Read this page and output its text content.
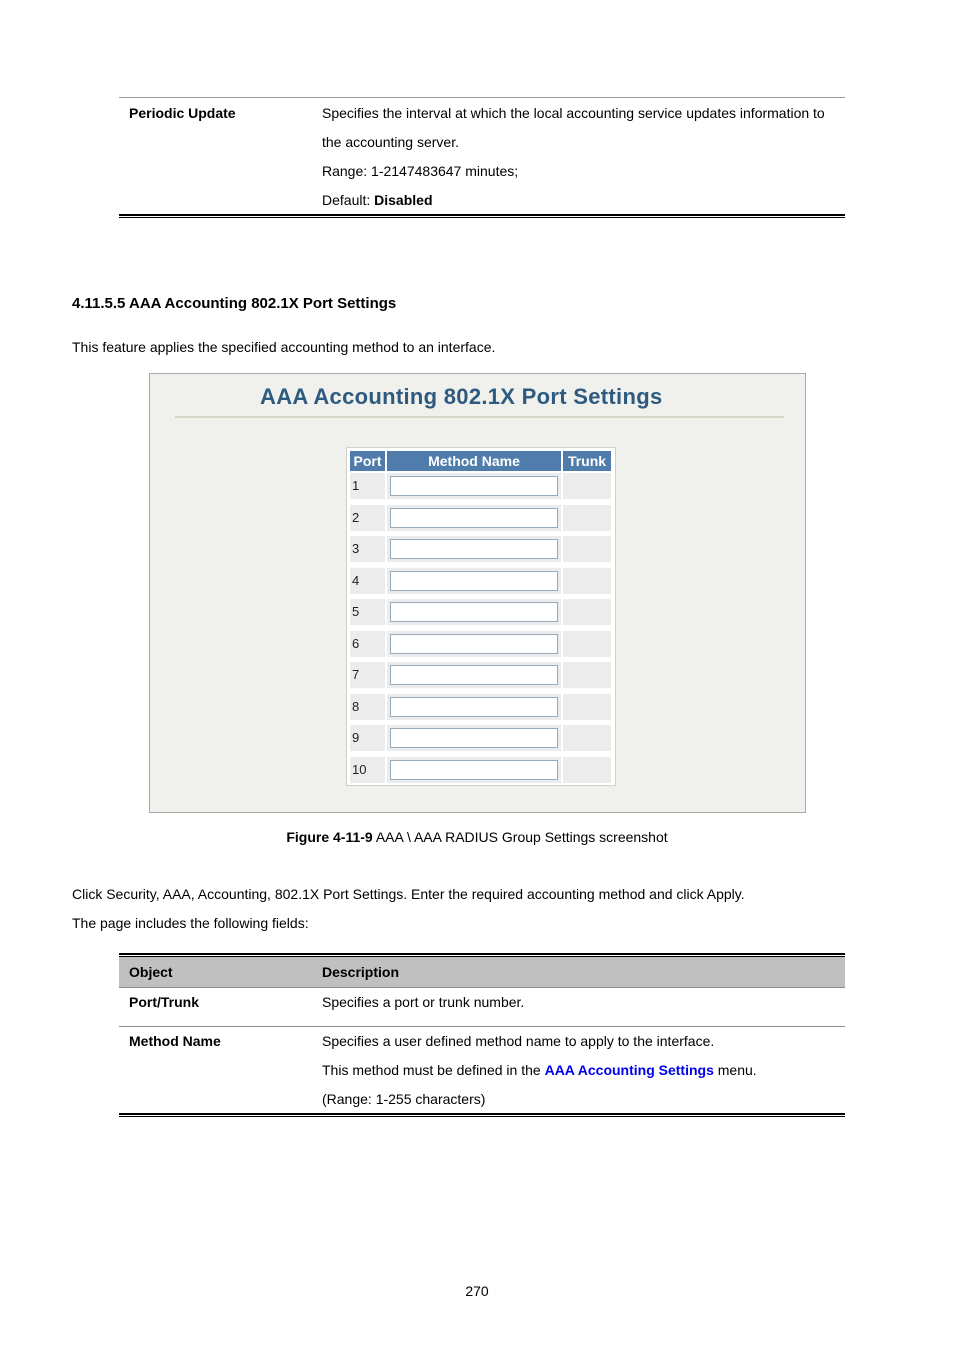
Periodic Update	Specifies the interval at which the local accounting service updates information to
the accounting server.
Range: 1-2147483647 minutes;
Default: Disabled
4.11.5.5 AAA Accounting 802.1X Port Settings
This feature applies the specified accounting method to an interface.
AAA Accounting 802.1X Port Settings
Port	Method Name	Trunk
1
2
3
4
5
6
7
8
9
10
Figure 4-11-9 AAA \ AAA RADIUS Group Settings screenshot
Click Security, AAA, Accounting, 802.1X Port Settings. Enter the required accounting method and click Apply.
The page includes the following fields:
Object	Description
Port/Trunk	Specifies a port or trunk number.
Method Name	Specifies a user defined method name to apply to the interface.
This method must be defined in the AAA Accounting Settings menu.
(Range: 1-255 characters)
270
